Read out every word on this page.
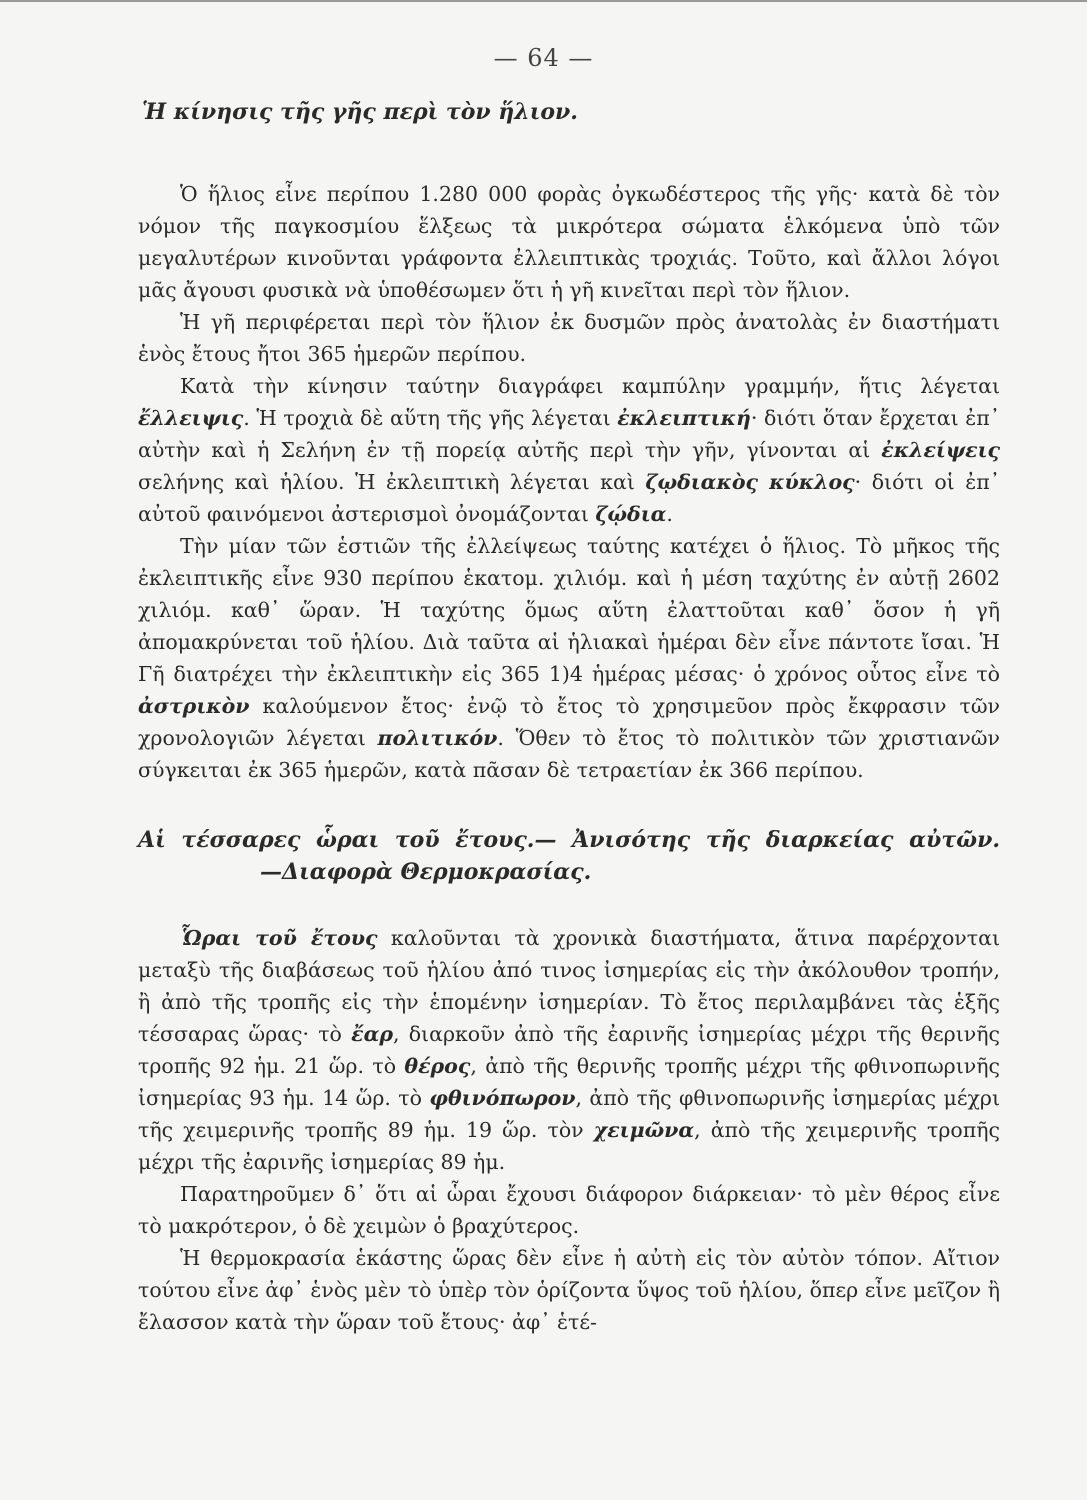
— 64 —
Ἡ κίνησις τῆς γῆς περὶ τὸν ἥλιον.

Ὁ ἥλιος εἶνε περίπου 1.280 000 φορὰς ὀγκωδέστερος τῆς γῆς· κατὰ δὲ τὸν νόμον τῆς παγκοσμίου ἕλξεως τὰ μικρότερα σώματα ἑλκόμενα ὑπὸ τῶν μεγαλυτέρων κινοῦνται γράφοντα ἐλλειπτικὰς τροχιάς. Τοῦτο, καὶ ἄλλοι λόγοι μᾶς ἄγουσι φυσικὰ νὰ ὑποθέσωμεν ὅτι ἡ γῆ κινεῖται περὶ τὸν ἥλιον.

Ἡ γῆ περιφέρεται περὶ τὸν ἥλιον ἐκ δυσμῶν πρὸς ἀνατολὰς ἐν διαστήματι ἑνὸς ἔτους ἤτοι 365 ἡμερῶν περίπου.

Κατὰ τὴν κίνησιν ταύτην διαγράφει καμπύλην γραμμήν, ἥτις λέγεται ἔλλειψις. Ἡ τροχιὰ δὲ αὕτη τῆς γῆς λέγεται ἐκλειπτική· διότι ὅταν ἔρχεται ἐπ᾽ αὐτὴν καὶ ἡ Σελήνη ἐν τῇ πορείᾳ αὐτῆς περὶ τὴν γῆν, γίνονται αἱ ἐκλείψεις σελήνης καὶ ἡλίου. Ἡ ἐκλειπτικὴ λέγεται καὶ ζῳδιακὸς κύκλος· διότι οἱ ἐπ᾽ αὐτοῦ φαινόμενοι ἀστερισμοὶ ὀνομάζονται ζῴδια.

Τὴν μίαν τῶν ἑστιῶν τῆς ἐλλείψεως ταύτης κατέχει ὁ ἥλιος. Τὸ μῆκος τῆς ἐκλειπτικῆς εἶνε 930 περίπου ἑκατομ. χιλιόμ. καὶ ἡ μέση ταχύτης ἐν αὐτῇ 2602 χιλιόμ. καθ᾽ ὥραν. Ἡ ταχύτης ὅμως αὕτη ἐλαττοῦται καθ᾽ ὅσον ἡ γῆ ἀπομακρύνεται τοῦ ἡλίου. Διὰ ταῦτα αἱ ἡλιακαὶ ἡμέραι δὲν εἶνε πάντοτε ἴσαι. Ἡ Γῆ διατρέχει τὴν ἐκλειπτικὴν εἰς 365 1)4 ἡμέρας μέσας· ὁ χρόνος οὗτος εἶνε τὸ ἀστρικὸν καλούμενον ἔτος· ἐνῷ τὸ ἔτος τὸ χρησιμεῦον πρὸς ἔκφρασιν τῶν χρονολογιῶν λέγεται πολιτικόν. Ὅθεν τὸ ἔτος τὸ πολιτικὸν τῶν χριστιανῶν σύγκειται ἐκ 365 ἡμερῶν, κατὰ πᾶσαν δὲ τετραετίαν ἐκ 366 περίπου.

Αἱ τέσσαρες ὧραι τοῦ ἔτους.— Ἀνισότης τῆς διαρκείας αὐτῶν.
—Διαφορὰ Θερμοκρασίας.

Ὧραι τοῦ ἔτους καλοῦνται τὰ χρονικὰ διαστήματα, ἅτινα παρέρχονται μεταξὺ τῆς διαβάσεως τοῦ ἡλίου ἀπό τινος ἰσημερίας εἰς τὴν ἀκόλουθον τροπήν, ἢ ἀπὸ τῆς τροπῆς εἰς τὴν ἑπομένην ἰσημερίαν. Τὸ ἔτος περιλαμβάνει τὰς ἑξῆς τέσσαρας ὥρας· τὸ ἔαρ, διαρκοῦν ἀπὸ τῆς ἐαρινῆς ἰσημερίας μέχρι τῆς θερινῆς τροπῆς 92 ἡμ. 21 ὥρ. τὸ θέρος, ἀπὸ τῆς θερινῆς τροπῆς μέχρι τῆς φθινοπωρινῆς ἰσημερίας 93 ἡμ. 14 ὥρ. τὸ φθινόπωρον, ἀπὸ τῆς φθινοπωρινῆς ἰσημερίας μέχρι τῆς χειμερινῆς τροπῆς 89 ἡμ. 19 ὥρ. τὸν χειμῶνα, ἀπὸ τῆς χειμερινῆς τροπῆς μέχρι τῆς ἐαρινῆς ἰσημερίας 89 ἡμ.

Παρατηροῦμεν δ᾽ ὅτι αἱ ὧραι ἔχουσι διάφορον διάρκειαν· τὸ μὲν θέρος εἶνε τὸ μακρότερον, ὁ δὲ χειμὼν ὁ βραχύτερος.

Ἡ θερμοκρασία ἑκάστης ὥρας δὲν εἶνε ἡ αὐτὴ εἰς τὸν αὐτὸν τόπον. Αἴτιον τούτου εἶνε ἀφ᾽ ἑνὸς μὲν τὸ ὑπὲρ τὸν ὁρίζοντα ὕψος τοῦ ἡλίου, ὅπερ εἶνε μεῖζον ἢ ἔλασσον κατὰ τὴν ὥραν τοῦ ἔτους· ἀφ᾽ ἑτέ-
